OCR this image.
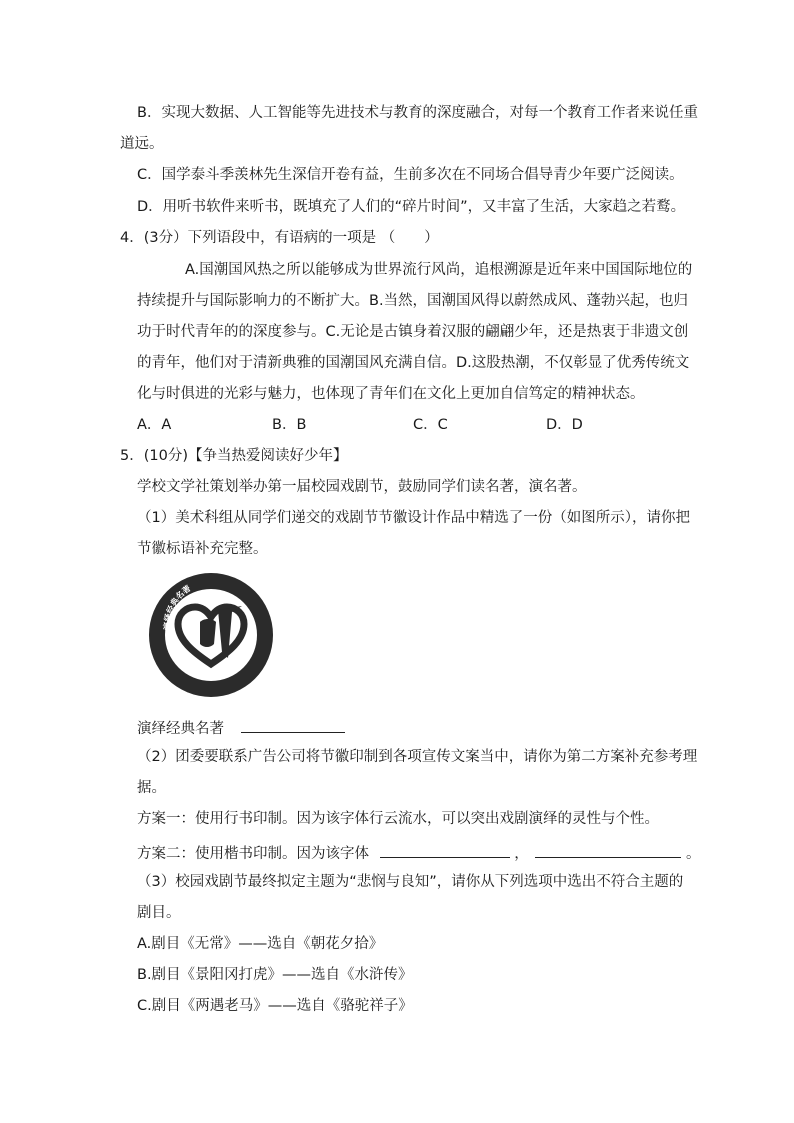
B．实现大数据、人工智能等先进技术与教育的深度融合，对每一个教育工作者来说任重
道远。
C．国学泰斗季羡林先生深信开卷有益，生前多次在不同场合倡导青少年要广泛阅读。
D．用听书软件来听书，既填充了人们的“碎片时间”，又丰富了生活，大家趋之若鹜。
4．(3分）下列语段中，有语病的一项是 （　　）
A.国潮国风热之所以能够成为世界流行风尚，追根溯源是近年来中国国际地位的
持续提升与国际影响力的不断扩大。B.当然，国潮国风得以蔚然成风、蓬勃兴起，也归
功于时代青年的的深度参与。C.无论是古镇身着汉服的翩翩少年，还是热衷于非遗文创
的青年，他们对于清新典雅的国潮国风充满自信。D.这股热潮，不仅彰显了优秀传统文
化与时俱进的光彩与魅力，也体现了青年们在文化上更加自信笃定的精神状态。
A．A	B．B	C．C	D．D
5．(10分)【争当热爱阅读好少年】
学校文学社策划举办第一届校园戏剧节，鼓励同学们读名著，演名著。
（1）美术科组从同学们递交的戏剧节节徽设计作品中精选了一份（如图所示），请你把
节徽标语补充完整。
演绎经典名著
演绎经典名著
（2）团委要联系广告公司将节徽印制到各项宣传文案当中，请你为第二方案补充参考理
据。
方案一：使用行书印制。因为该字体行云流水，可以突出戏剧演绎的灵性与个性。
方案二：使用楷书印制。因为该字体	，	。
（3）校园戏剧节最终拟定主题为“悲悯与良知”，请你从下列选项中选出不符合主题的
剧目。
A.剧目《无常》——选自《朝花夕拾》
B.剧目《景阳冈打虎》——选自《水浒传》
C.剧目《两遇老马》——选自《骆驼祥子》
